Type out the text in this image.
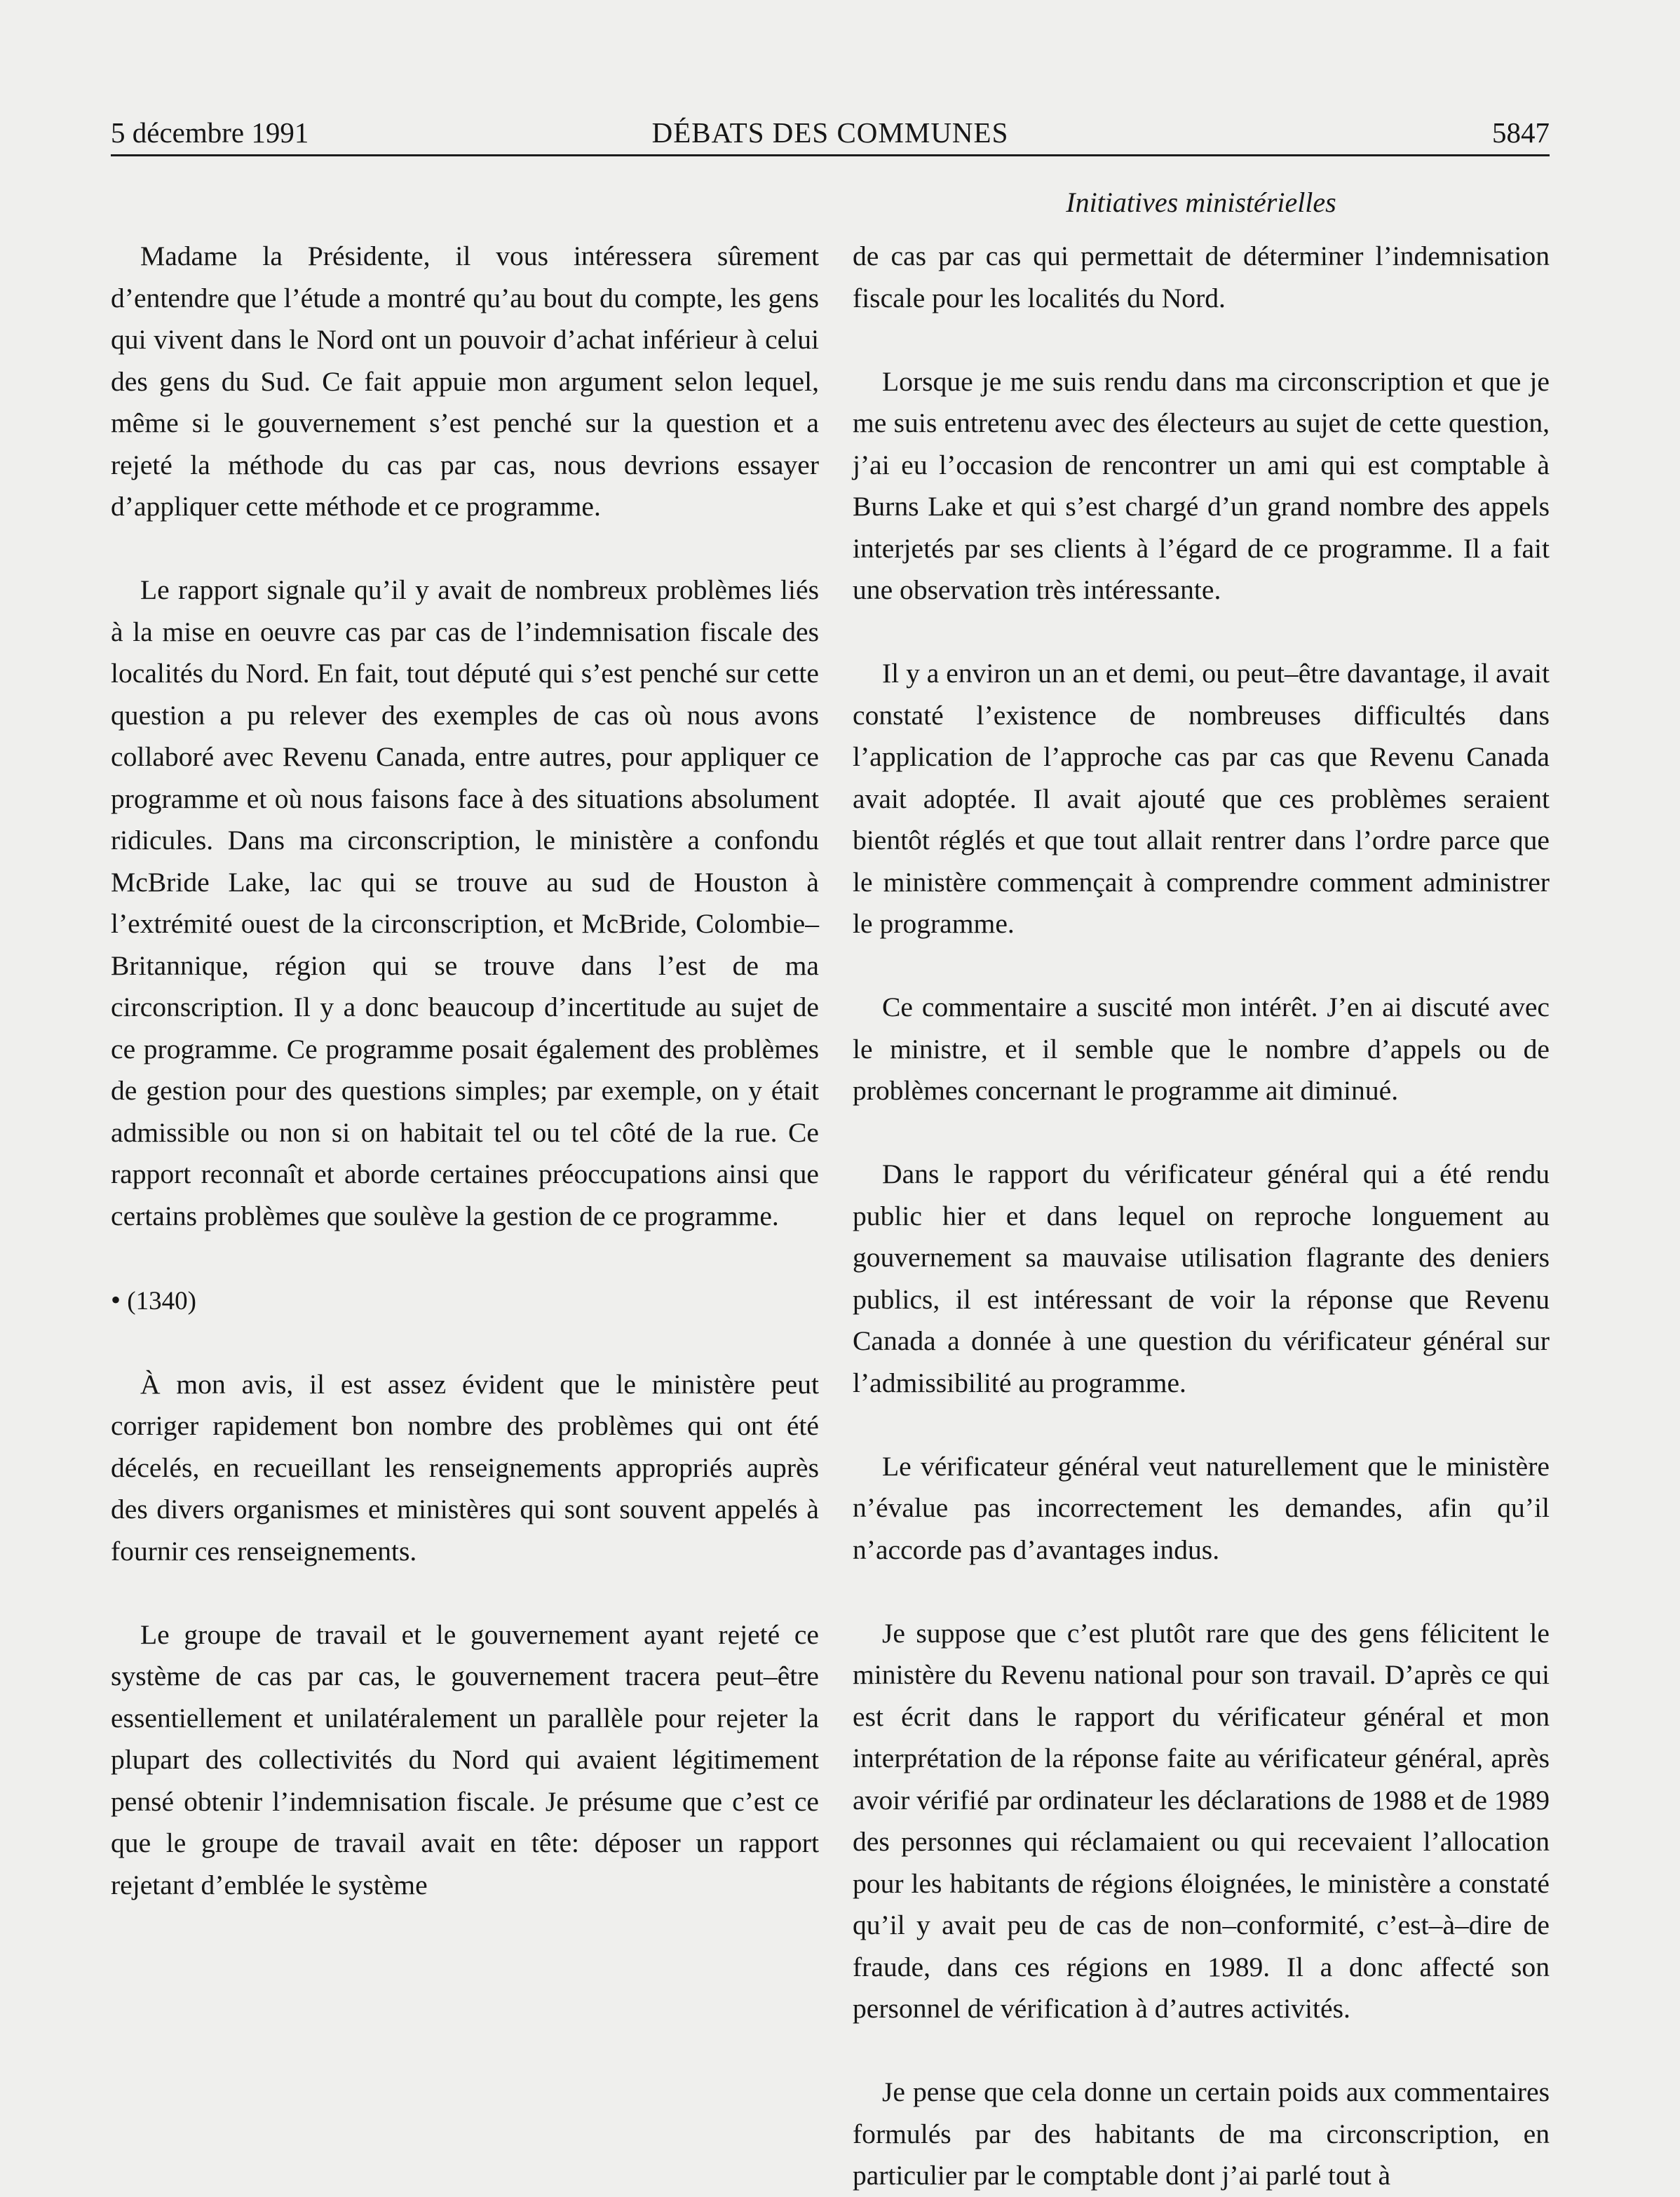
5 décembre 1991	DÉBATS DES COMMUNES	5847
Initiatives ministérielles

Madame la Présidente, il vous intéressera sûrement d’entendre que l’étude a montré qu’au bout du compte, les gens qui vivent dans le Nord ont un pouvoir d’achat inférieur à celui des gens du Sud. Ce fait appuie mon argument selon lequel, même si le gouvernement s’est penché sur la question et a rejeté la méthode du cas par cas, nous devrions essayer d’appliquer cette méthode et ce programme.

Le rapport signale qu’il y avait de nombreux problèmes liés à la mise en oeuvre cas par cas de l’indemnisation fiscale des localités du Nord. En fait, tout député qui s’est penché sur cette question a pu relever des exemples de cas où nous avons collaboré avec Revenu Canada, entre autres, pour appliquer ce programme et où nous faisons face à des situations absolument ridicules. Dans ma circonscription, le ministère a confondu McBride Lake, lac qui se trouve au sud de Houston à l’extrémité ouest de la circonscription, et McBride, Colombie–Britannique, région qui se trouve dans l’est de ma circonscription. Il y a donc beaucoup d’incertitude au sujet de ce programme. Ce programme posait également des problèmes de gestion pour des questions simples; par exemple, on y était admissible ou non si on habitait tel ou tel côté de la rue. Ce rapport reconnaît et aborde certaines préoccupations ainsi que certains problèmes que soulève la gestion de ce programme.

• (1340)

À mon avis, il est assez évident que le ministère peut corriger rapidement bon nombre des problèmes qui ont été décelés, en recueillant les renseignements appropriés auprès des divers organismes et ministères qui sont souvent appelés à fournir ces renseignements.

Le groupe de travail et le gouvernement ayant rejeté ce système de cas par cas, le gouvernement tracera peut–être essentiellement et unilatéralement un parallèle pour rejeter la plupart des collectivités du Nord qui avaient légitimement pensé obtenir l’indemnisation fiscale. Je présume que c’est ce que le groupe de travail avait en tête: déposer un rapport rejetant d’emblée le système

de cas par cas qui permettait de déterminer l’indemnisation fiscale pour les localités du Nord.

Lorsque je me suis rendu dans ma circonscription et que je me suis entretenu avec des électeurs au sujet de cette question, j’ai eu l’occasion de rencontrer un ami qui est comptable à Burns Lake et qui s’est chargé d’un grand nombre des appels interjetés par ses clients à l’égard de ce programme. Il a fait une observation très intéressante.

Il y a environ un an et demi, ou peut–être davantage, il avait constaté l’existence de nombreuses difficultés dans l’application de l’approche cas par cas que Revenu Canada avait adoptée. Il avait ajouté que ces problèmes seraient bientôt réglés et que tout allait rentrer dans l’ordre parce que le ministère commençait à comprendre comment administrer le programme.

Ce commentaire a suscité mon intérêt. J’en ai discuté avec le ministre, et il semble que le nombre d’appels ou de problèmes concernant le programme ait diminué.

Dans le rapport du vérificateur général qui a été rendu public hier et dans lequel on reproche longuement au gouvernement sa mauvaise utilisation flagrante des deniers publics, il est intéressant de voir la réponse que Revenu Canada a donnée à une question du vérificateur général sur l’admissibilité au programme.

Le vérificateur général veut naturellement que le ministère n’évalue pas incorrectement les demandes, afin qu’il n’accorde pas d’avantages indus.

Je suppose que c’est plutôt rare que des gens félicitent le ministère du Revenu national pour son travail. D’après ce qui est écrit dans le rapport du vérificateur général et mon interprétation de la réponse faite au vérificateur général, après avoir vérifié par ordinateur les déclarations de 1988 et de 1989 des personnes qui réclamaient ou qui recevaient l’allocation pour les habitants de régions éloignées, le ministère a constaté qu’il y avait peu de cas de non–conformité, c’est–à–dire de fraude, dans ces régions en 1989. Il a donc affecté son personnel de vérification à d’autres activités.

Je pense que cela donne un certain poids aux commentaires formulés par des habitants de ma circonscription, en particulier par le comptable dont j’ai parlé tout à
